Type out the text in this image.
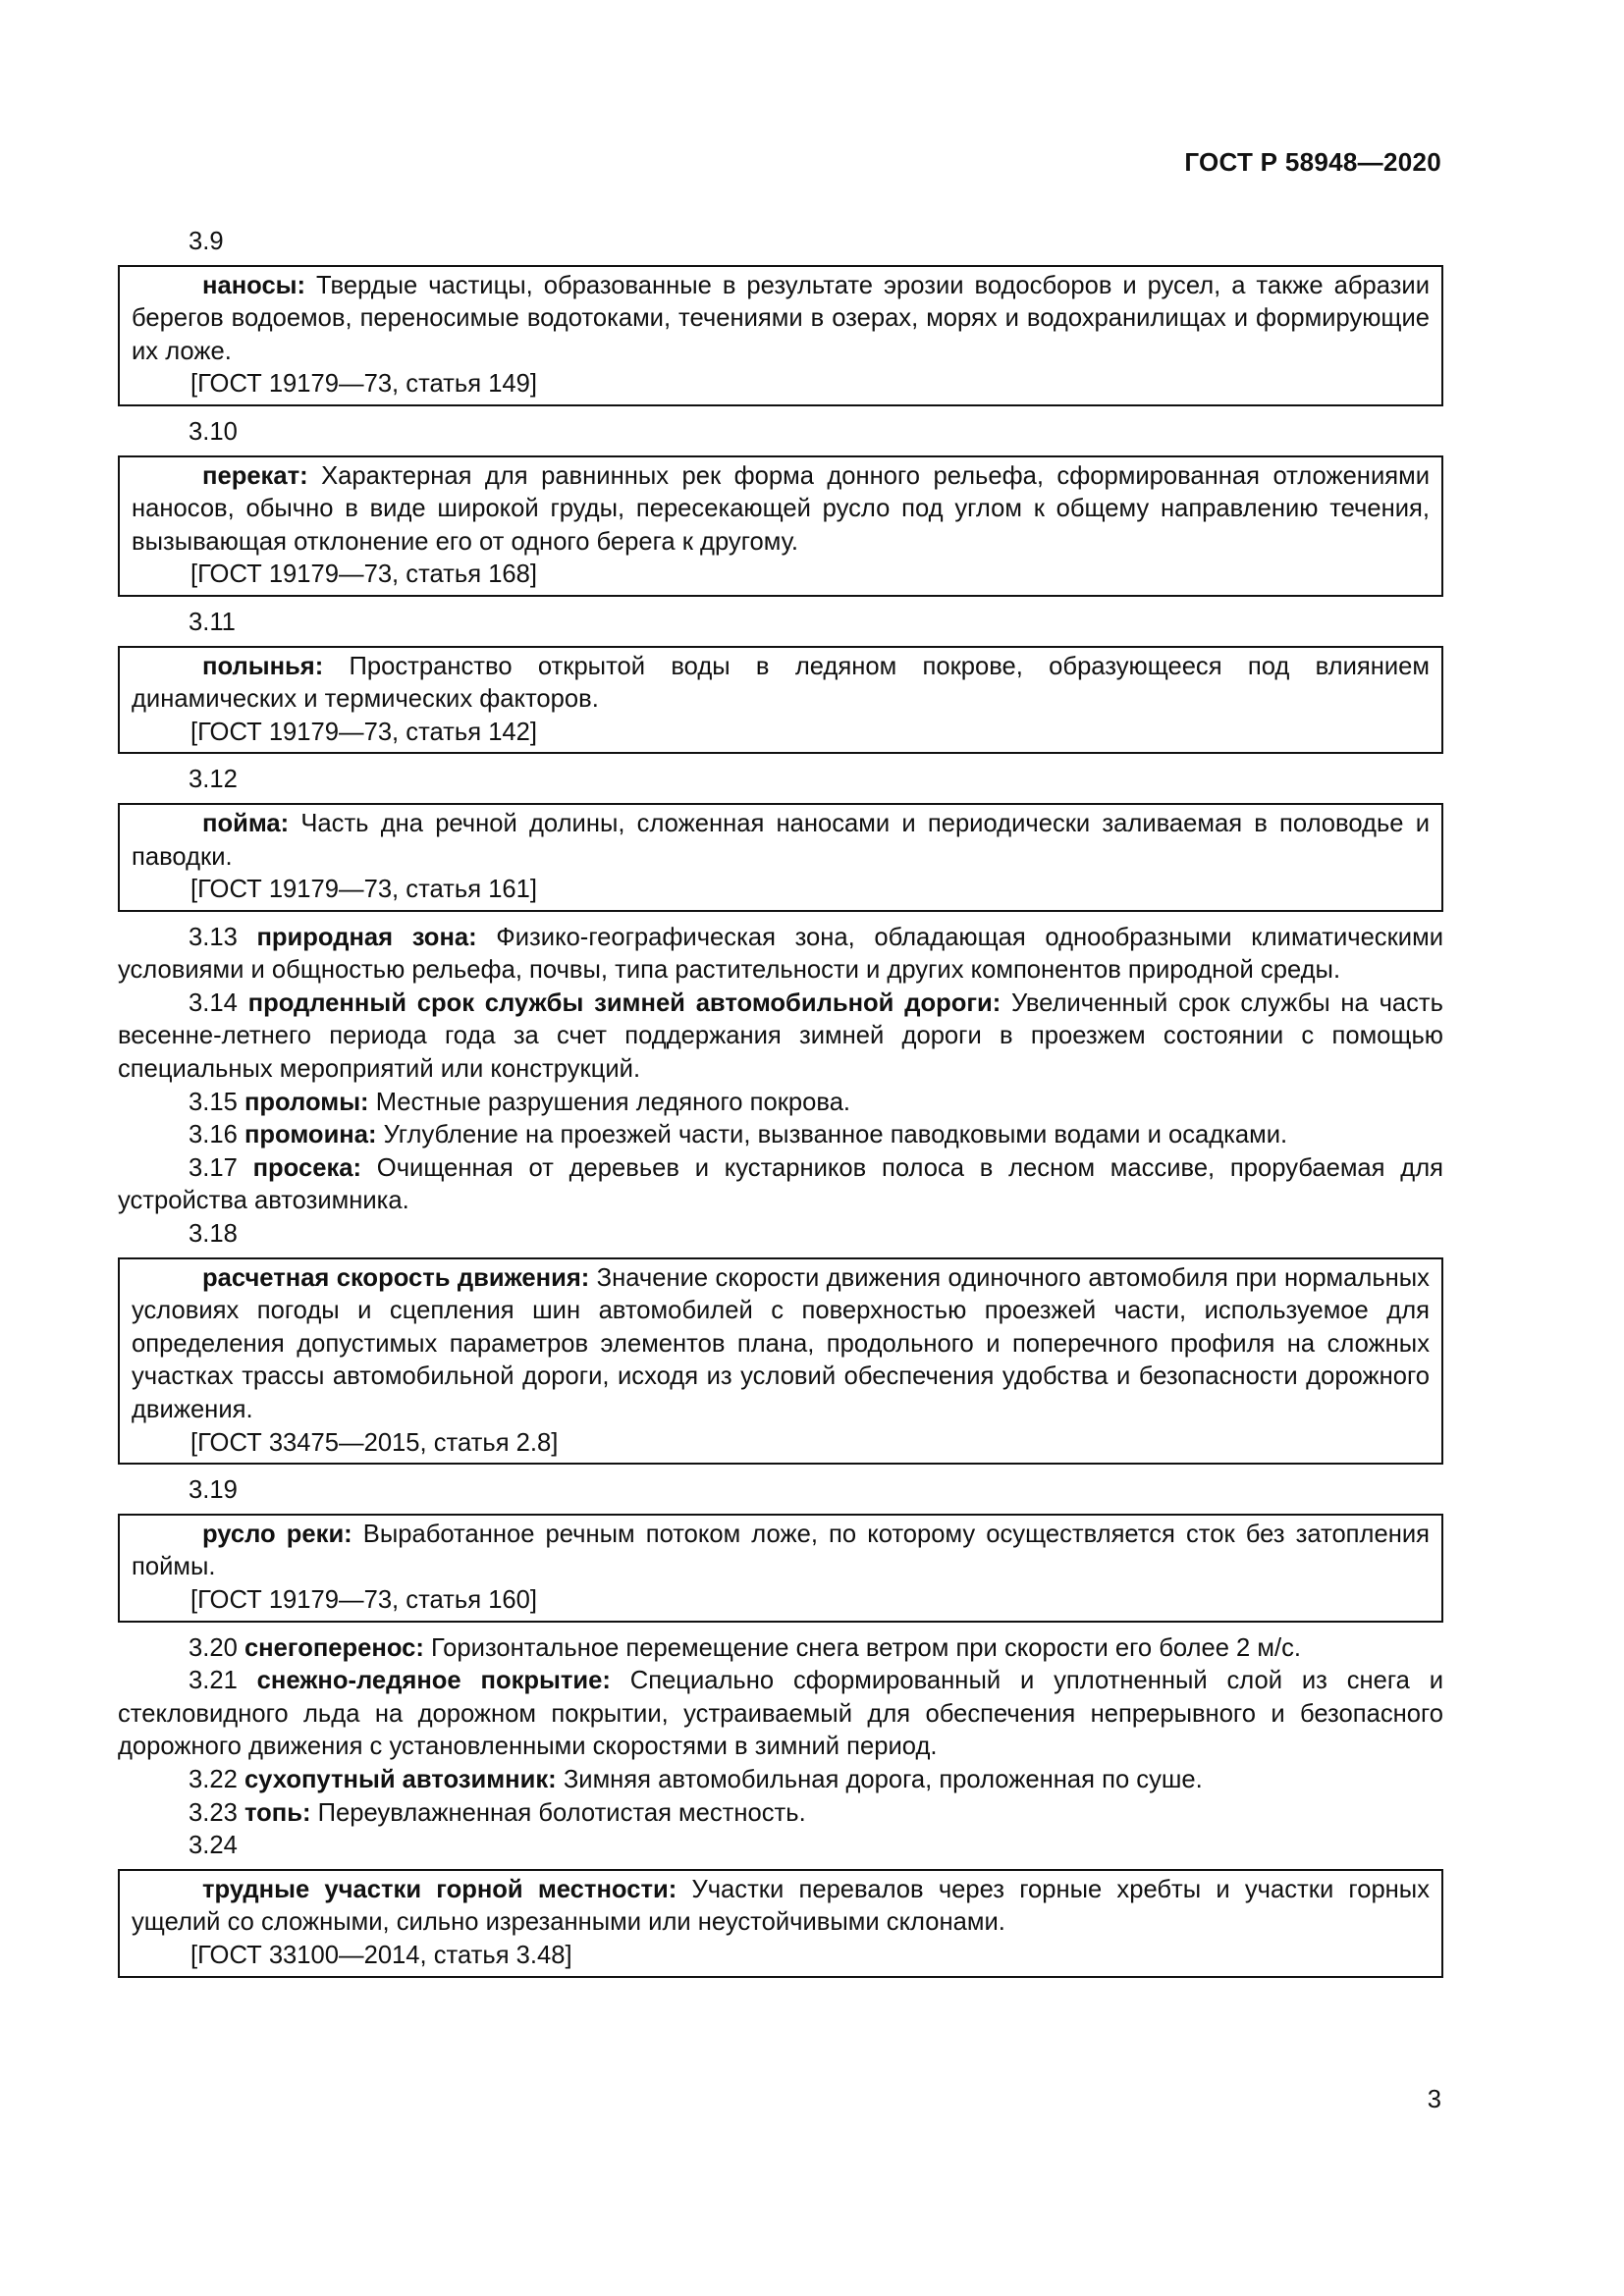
ГОСТ Р 58948—2020
3.9

наносы: Твердые частицы, образованные в результате эрозии водосборов и русел, а также абразии берегов водоемов, переносимые водотоками, течениями в озерах, морях и водохранилищах и формирующие их ложе.

[ГОСТ 19179—73, статья 149]

3.10

перекат: Характерная для равнинных рек форма донного рельефа, сформированная отложениями наносов, обычно в виде широкой груды, пересекающей русло под углом к общему направлению течения, вызывающая отклонение его от одного берега к другому.

[ГОСТ 19179—73, статья 168]

3.11

полынья: Пространство открытой воды в ледяном покрове, образующееся под влиянием динамических и термических факторов.

[ГОСТ 19179—73, статья 142]

3.12

пойма: Часть дна речной долины, сложенная наносами и периодически заливаемая в половодье и паводки.

[ГОСТ 19179—73, статья 161]

3.13 природная зона: Физико-географическая зона, обладающая однообразными климатическими условиями и общностью рельефа, почвы, типа растительности и других компонентов природной среды.

3.14 продленный срок службы зимней автомобильной дороги: Увеличенный срок службы на часть весенне-летнего периода года за счет поддержания зимней дороги в проезжем состоянии с помощью специальных мероприятий или конструкций.

3.15 проломы: Местные разрушения ледяного покрова.

3.16 промоина: Углубление на проезжей части, вызванное паводковыми водами и осадками.

3.17 просека: Очищенная от деревьев и кустарников полоса в лесном массиве, прорубаемая для устройства автозимника.

3.18

расчетная скорость движения: Значение скорости движения одиночного автомобиля при нормальных условиях погоды и сцепления шин автомобилей с поверхностью проезжей части, используемое для определения допустимых параметров элементов плана, продольного и поперечного профиля на сложных участках трассы автомобильной дороги, исходя из условий обеспечения удобства и безопасности дорожного движения.

[ГОСТ 33475—2015, статья 2.8]

3.19

русло реки: Выработанное речным потоком ложе, по которому осуществляется сток без затопления поймы.

[ГОСТ 19179—73, статья 160]

3.20 снегоперенос: Горизонтальное перемещение снега ветром при скорости его более 2 м/с.

3.21 снежно-ледяное покрытие: Специально сформированный и уплотненный слой из снега и стекловидного льда на дорожном покрытии, устраиваемый для обеспечения непрерывного и безопасного дорожного движения с установленными скоростями в зимний период.

3.22 сухопутный автозимник: Зимняя автомобильная дорога, проложенная по суше.

3.23 топь: Переувлажненная болотистая местность.

3.24

трудные участки горной местности: Участки перевалов через горные хребты и участки горных ущелий со сложными, сильно изрезанными или неустойчивыми склонами.

[ГОСТ 33100—2014, статья 3.48]

3
